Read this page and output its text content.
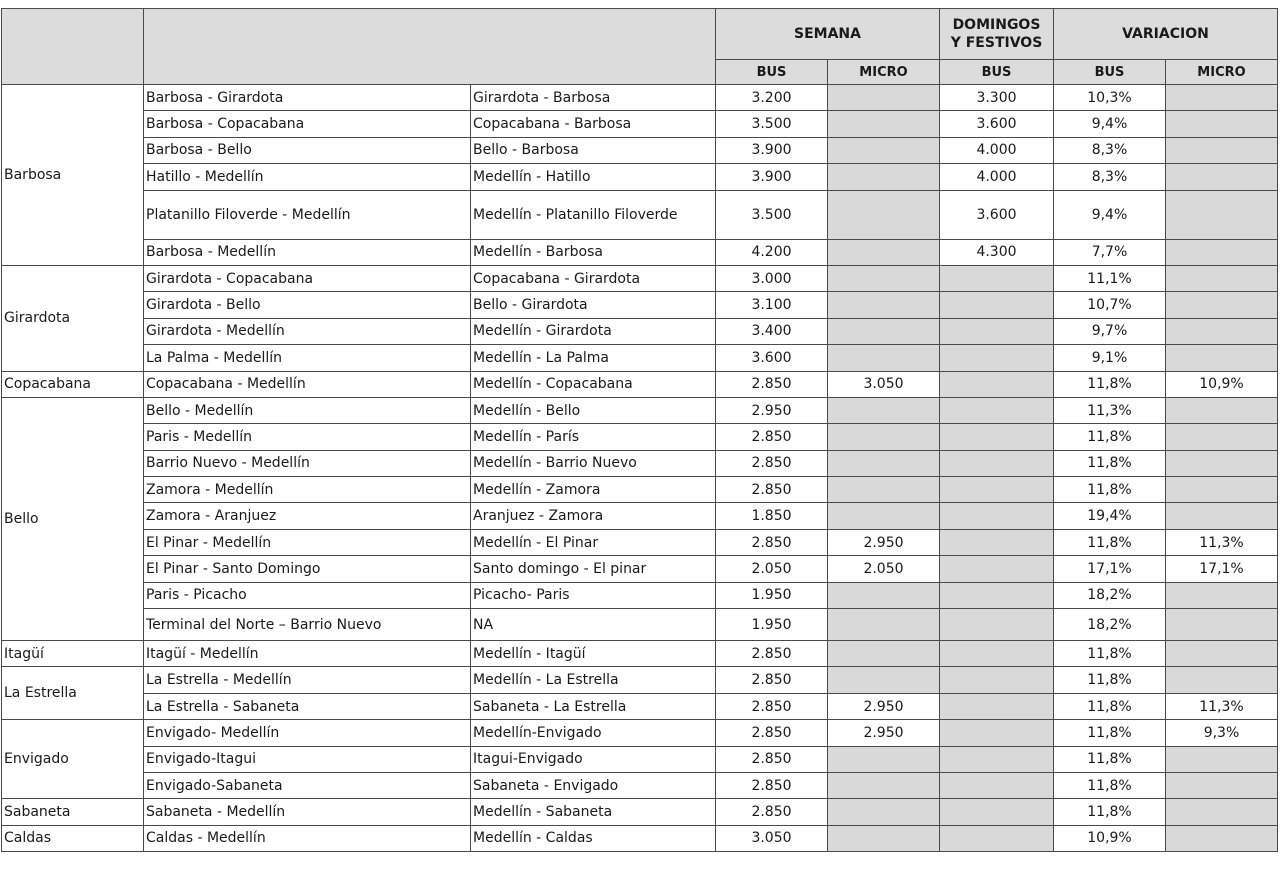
			SEMANA		DOMINGOS
Y FESTIVOS	VARIACION	
			BUS	MICRO	BUS	BUS	MICRO
Barbosa	Barbosa - Girardota	Girardota - Barbosa	3.200		3.300	10,3%	
	Barbosa - Copacabana	Copacabana - Barbosa	3.500		3.600	9,4%	
	Barbosa - Bello	Bello - Barbosa	3.900		4.000	8,3%	
	Hatillo - Medellín	Medellín - Hatillo	3.900		4.000	8,3%	
	Platanillo Filoverde - Medellín	Medellín - Platanillo Filoverde	3.500		3.600	9,4%	
	Barbosa - Medellín	Medellín - Barbosa	4.200		4.300	7,7%	
Girardota	Girardota - Copacabana	Copacabana - Girardota	3.000			11,1%	
	Girardota - Bello	Bello - Girardota	3.100			10,7%	
	Girardota - Medellín	Medellín - Girardota	3.400			9,7%	
	La Palma - Medellín	Medellín - La Palma	3.600			9,1%	
Copacabana	Copacabana - Medellín	Medellín - Copacabana	2.850	3.050		11,8%	10,9%
Bello	Bello - Medellín	Medellín - Bello	2.950			11,3%	
	Paris - Medellín	Medellín - París	2.850			11,8%	
	Barrio Nuevo - Medellín	Medellín - Barrio Nuevo	2.850			11,8%	
	Zamora - Medellín	Medellín - Zamora	2.850			11,8%	
	Zamora - Aranjuez	Aranjuez - Zamora	1.850			19,4%	
	El Pinar - Medellín	Medellín - El Pinar	2.850	2.950		11,8%	11,3%
	El Pinar - Santo Domingo	Santo domingo - El pinar	2.050	2.050		17,1%	17,1%
	Paris - Picacho	Picacho- Paris	1.950			18,2%	
	Terminal del Norte – Barrio Nuevo	NA	1.950			18,2%	
Itagüí	Itagüí - Medellín	Medellín - Itagüí	2.850			11,8%	
La Estrella	La Estrella - Medellín	Medellín - La Estrella	2.850			11,8%	
	La Estrella - Sabaneta	Sabaneta - La Estrella	2.850	2.950		11,8%	11,3%
Envigado	Envigado- Medellín	Medellín-Envigado	2.850	2.950		11,8%	9,3%
	Envigado-Itagui	Itagui-Envigado	2.850			11,8%	
	Envigado-Sabaneta	Sabaneta - Envigado	2.850			11,8%	
Sabaneta	Sabaneta - Medellín	Medellín - Sabaneta	2.850			11,8%	
Caldas	Caldas - Medellín	Medellín - Caldas	3.050			10,9%	
